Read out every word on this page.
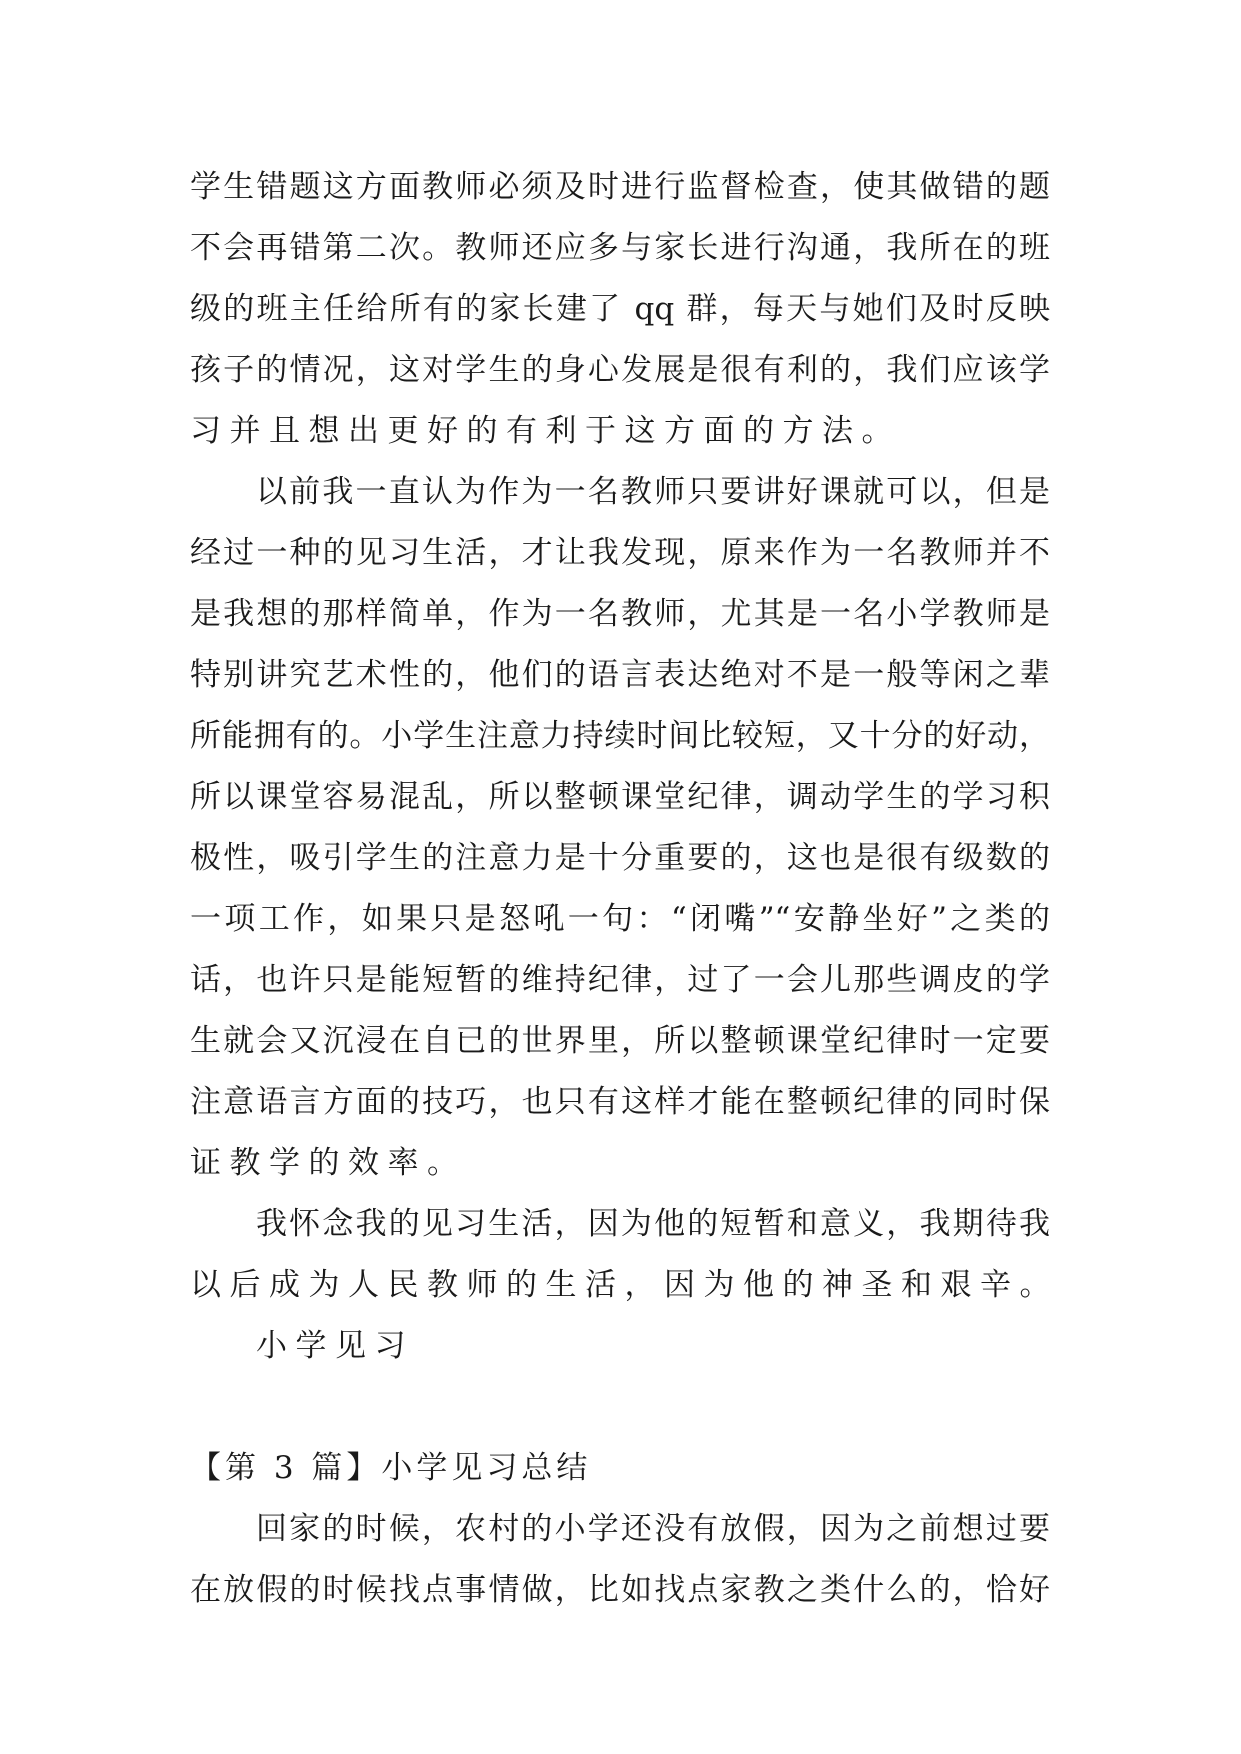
学生错题这方面教师必须及时进行监督检查，使其做错的题
不会再错第二次。教师还应多与家长进行沟通，我所在的班
级的班主任给所有的家长建了 qq 群，每天与她们及时反映
孩子的情况，这对学生的身心发展是很有利的，我们应该学
习并且想出更好的有利于这方面的方法。
以前我一直认为作为一名教师只要讲好课就可以，但是
经过一种的见习生活，才让我发现，原来作为一名教师并不
是我想的那样简单，作为一名教师，尤其是一名小学教师是
特别讲究艺术性的，他们的语言表达绝对不是一般等闲之辈
所能拥有的。小学生注意力持续时间比较短，又十分的好动，
所以课堂容易混乱，所以整顿课堂纪律，调动学生的学习积
极性，吸引学生的注意力是十分重要的，这也是很有级数的
一项工作，如果只是怒吼一句：“闭嘴”“安静坐好”之类的
话，也许只是能短暂的维持纪律，过了一会儿那些调皮的学
生就会又沉浸在自已的世界里，所以整顿课堂纪律时一定要
注意语言方面的技巧，也只有这样才能在整顿纪律的同时保
证教学的效率。
我怀念我的见习生活，因为他的短暂和意义，我期待我
以后成为人民教师的生活，因为他的神圣和艰辛。
小学见习
【第 3 篇】小学见习总结
回家的时候，农村的小学还没有放假，因为之前想过要
在放假的时候找点事情做，比如找点家教之类什么的，恰好
